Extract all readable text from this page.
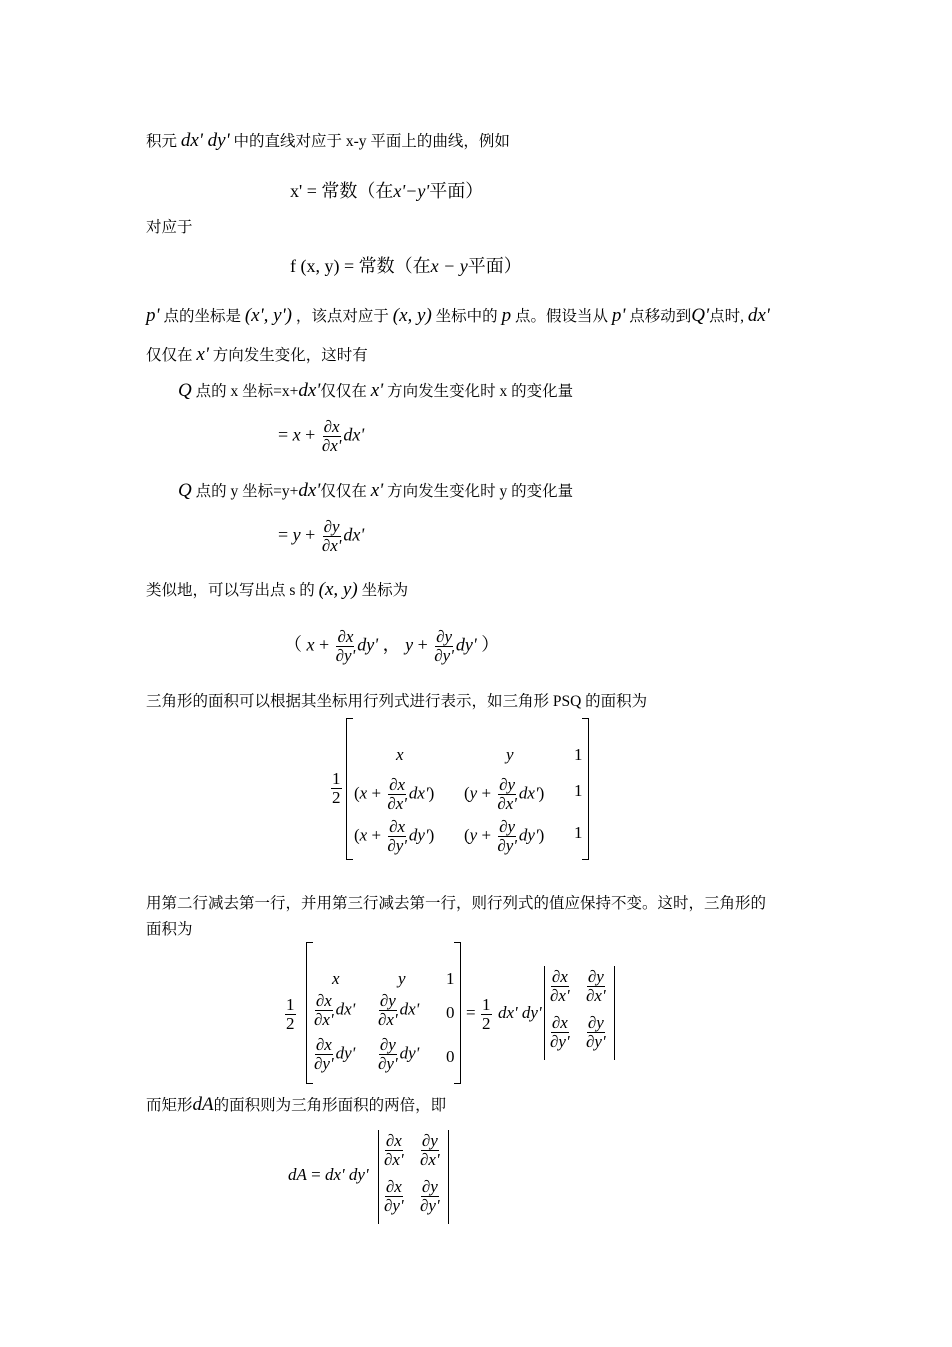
积元 dx' dy' 中的直线对应于 x-y 平面上的曲线，例如
x' = 常数（在x'−y'平面）
对应于
f (x, y) = 常数（在x − y平面）
p' 点的坐标是 (x', y') ，该点对应于 (x, y) 坐标中的 p 点。假设当从 p' 点移动到Q'点时, dx'
仅仅在 x' 方向发生变化，这时有
Q 点的 x 坐标=x+dx'仅仅在 x' 方向发生变化时 x 的变化量
= $x + \frac{\partial x}{\partial x'} dx'$
Q 点的 y 坐标=y+dx'仅仅在 x' 方向发生变化时 y 的变化量
= $y + \frac{\partial y}{\partial x'} dx'$
类似地，可以写出点 s 的 (x, y) 坐标为
（ $x + \frac{\partial x}{\partial y'} dy'$ ， $y + \frac{\partial y}{\partial y'} dy'$ ）
三角形的面积可以根据其坐标用行列式进行表示，如三角形 PSQ 的面积为
$\frac{1}{2}$
x	y	1
$(x + \frac{\partial x}{\partial x'} dx')$ $(y + \frac{\partial y}{\partial x'} dx')$ 1
$(x + \frac{\partial x}{\partial y'} dy')$ $(y + \frac{\partial y}{\partial y'} dy')$ 1
用第二行减去第一行，并用第三行减去第一行，则行列式的值应保持不变。这时，三角形的
面积为
$\frac{1}{2}$
x	y 1
$\frac{\partial x}{\partial x'} dx' \frac{\partial y}{\partial x'} dx'$ 0
$\frac{\partial x}{\partial y'} dy' \frac{\partial y}{\partial y'} dy'$ 0
= $\frac{1}{2} dx'$ dy'
$\frac{\partial x}{\partial x'} \frac{\partial y}{\partial x'}$
$\frac{\partial x}{\partial y'} \frac{\partial y}{\partial y'}$
而矩形dA的面积则为三角形面积的两倍，即
dA = dx' dy'
$\frac{\partial x}{\partial x'} \frac{\partial y}{\partial x'}$
$\frac{\partial x}{\partial y'} \frac{\partial y}{\partial y'}$
